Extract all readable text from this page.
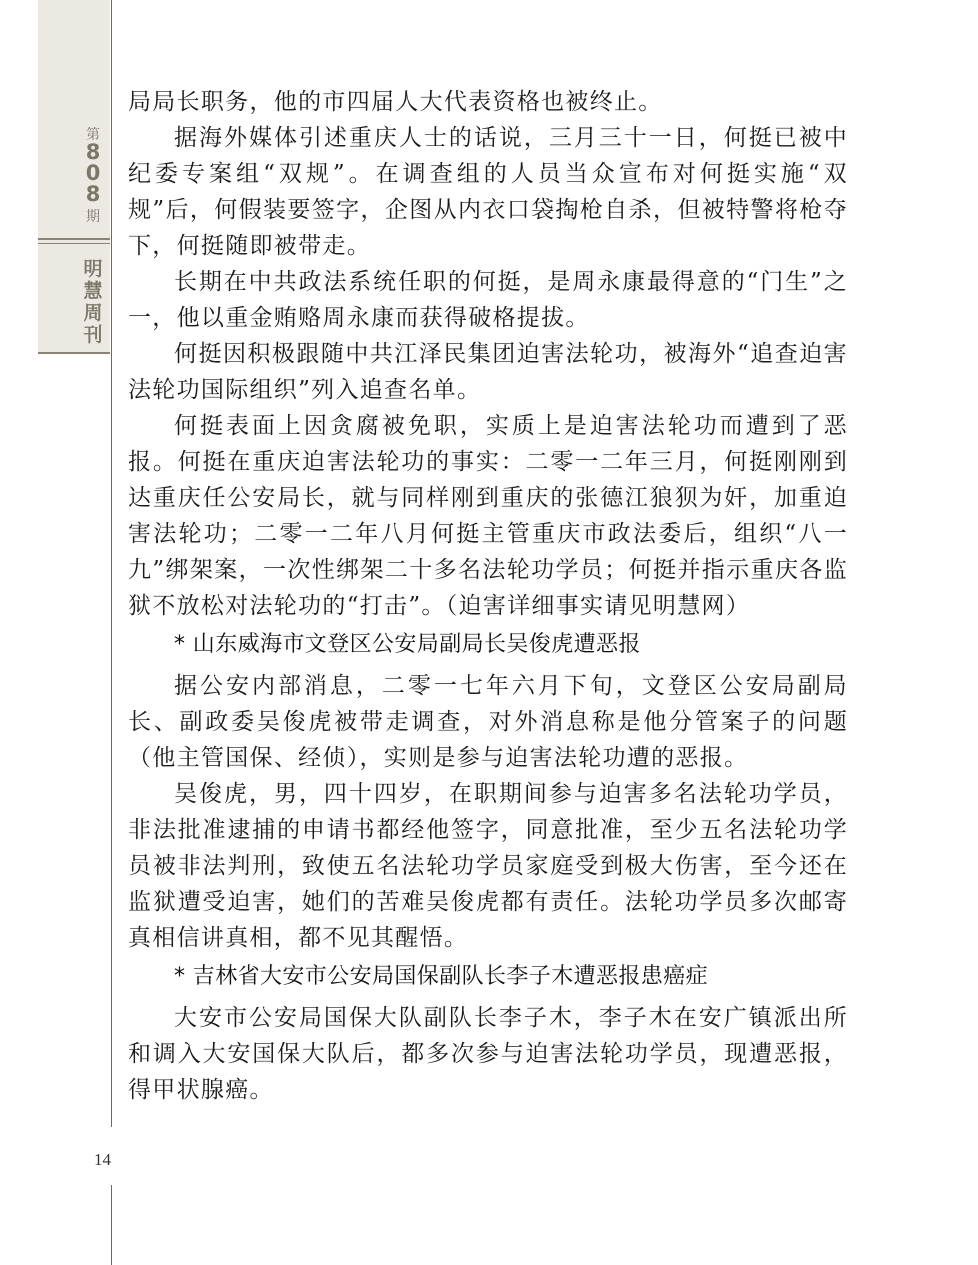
第
808
期
明慧周刊

局局长职务，他的市四届人大代表资格也被终止。

据海外媒体引述重庆人士的话说，三月三十一日，何挺已被中纪委专案组“双规”。在调查组的人员当众宣布对何挺实施“双规”后，何假装要签字，企图从内衣口袋掏枪自杀，但被特警将枪夺下，何挺随即被带走。

长期在中共政法系统任职的何挺，是周永康最得意的“门生”之一，他以重金贿赂周永康而获得破格提拔。

何挺因积极跟随中共江泽民集团迫害法轮功，被海外“追查迫害法轮功国际组织”列入追查名单。

何挺表面上因贪腐被免职，实质上是迫害法轮功而遭到了恶报。何挺在重庆迫害法轮功的事实：二零一二年三月，何挺刚刚到达重庆任公安局长，就与同样刚到重庆的张德江狼狈为奸，加重迫害法轮功；二零一二年八月何挺主管重庆市政法委后，组织“八一九”绑架案，一次性绑架二十多名法轮功学员；何挺并指示重庆各监狱不放松对法轮功的“打击”。（迫害详细事实请见明慧网）

* 山东威海市文登区公安局副局长吴俊虎遭恶报

据公安内部消息，二零一七年六月下旬，文登区公安局副局长、副政委吴俊虎被带走调查，对外消息称是他分管案子的问题（他主管国保、经侦），实则是参与迫害法轮功遭的恶报。

吴俊虎，男，四十四岁，在职期间参与迫害多名法轮功学员，非法批准逮捕的申请书都经他签字，同意批准，至少五名法轮功学员被非法判刑，致使五名法轮功学员家庭受到极大伤害，至今还在监狱遭受迫害，她们的苦难吴俊虎都有责任。法轮功学员多次邮寄真相信讲真相，都不见其醒悟。

* 吉林省大安市公安局国保副队长李子木遭恶报患癌症

大安市公安局国保大队副队长李子木，李子木在安广镇派出所和调入大安国保大队后，都多次参与迫害法轮功学员，现遭恶报，得甲状腺癌。

14
